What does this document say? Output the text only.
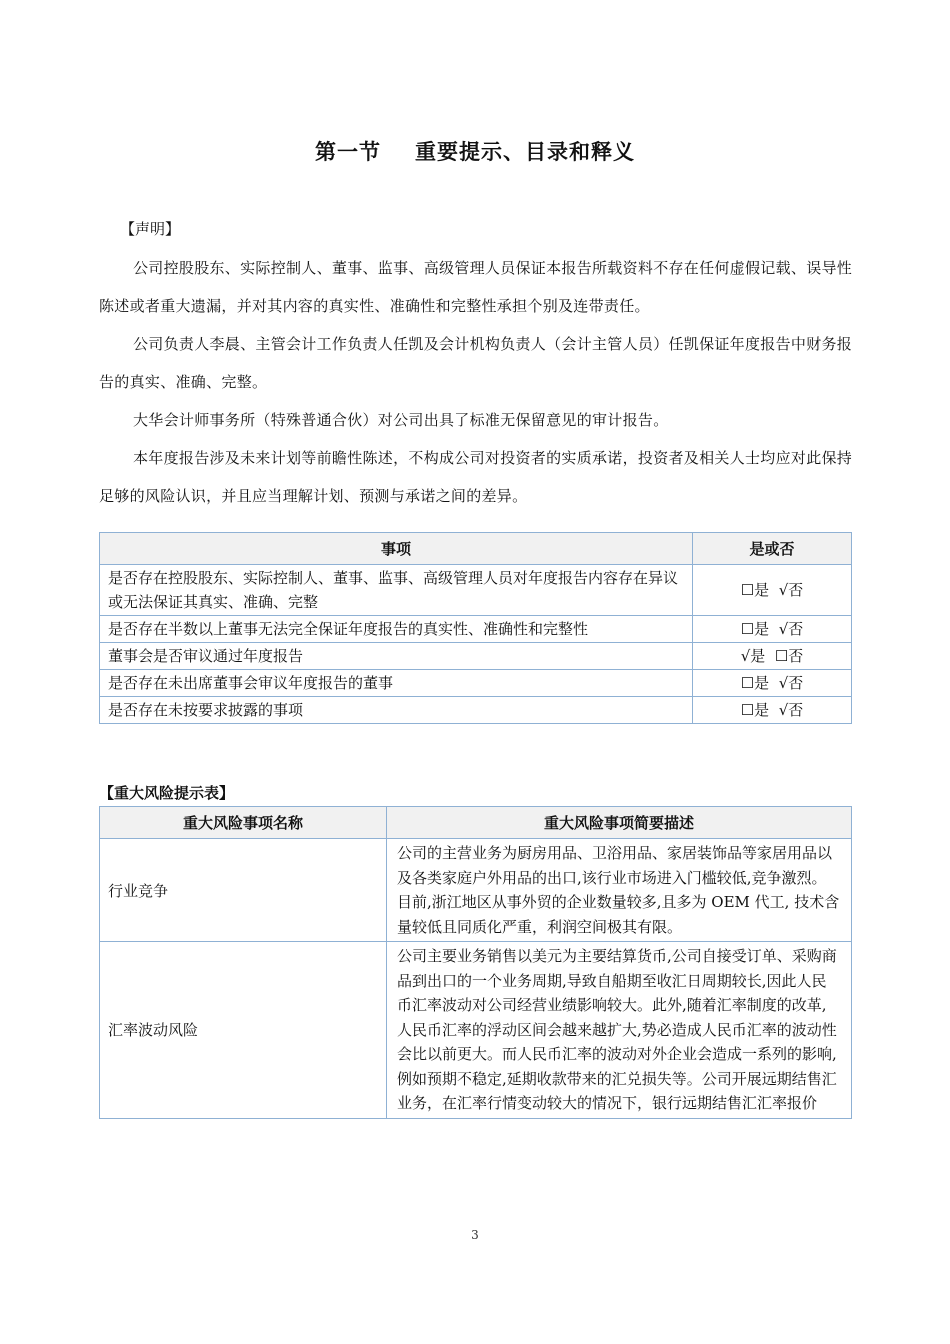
第一节 重要提示、目录和释义
【声明】
公司控股股东、实际控制人、董事、监事、高级管理人员保证本报告所载资料不存在任何虚假记载、误导性陈述或者重大遗漏，并对其内容的真实性、准确性和完整性承担个别及连带责任。
公司负责人李晨、主管会计工作负责人任凯及会计机构负责人（会计主管人员）任凯保证年度报告中财务报告的真实、准确、完整。
大华会计师事务所（特殊普通合伙）对公司出具了标准无保留意见的审计报告。
本年度报告涉及未来计划等前瞻性陈述，不构成公司对投资者的实质承诺，投资者及相关人士均应对此保持足够的风险认识，并且应当理解计划、预测与承诺之间的差异。
事项	是或否
是否存在控股股东、实际控制人、董事、监事、高级管理人员对年度报告内容存在异议或无法保证其真实、准确、完整	☐是  √否
是否存在半数以上董事无法完全保证年度报告的真实性、准确性和完整性	☐是  √否
董事会是否审议通过年度报告	√是  ☐否
是否存在未出席董事会审议年度报告的董事	☐是  √否
是否存在未按要求披露的事项	☐是  √否
【重大风险提示表】
重大风险事项名称	重大风险事项简要描述
行业竞争	公司的主营业务为厨房用品、卫浴用品、家居装饰品等家居用品以及各类家庭户外用品的出口,该行业市场进入门槛较低,竞争激烈。目前,浙江地区从事外贸的企业数量较多,且多为 OEM 代工, 技术含量较低且同质化严重，利润空间极其有限。
汇率波动风险	公司主要业务销售以美元为主要结算货币,公司自接受订单、采购商品到出口的一个业务周期,导致自船期至收汇日周期较长,因此人民币汇率波动对公司经营业绩影响较大。此外,随着汇率制度的改革,人民币汇率的浮动区间会越来越扩大,势必造成人民币汇率的波动性会比以前更大。而人民币汇率的波动对外企业会造成一系列的影响,例如预期不稳定,延期收款带来的汇兑损失等。公司开展远期结售汇业务，在汇率行情变动较大的情况下，银行远期结售汇汇率报价
3
